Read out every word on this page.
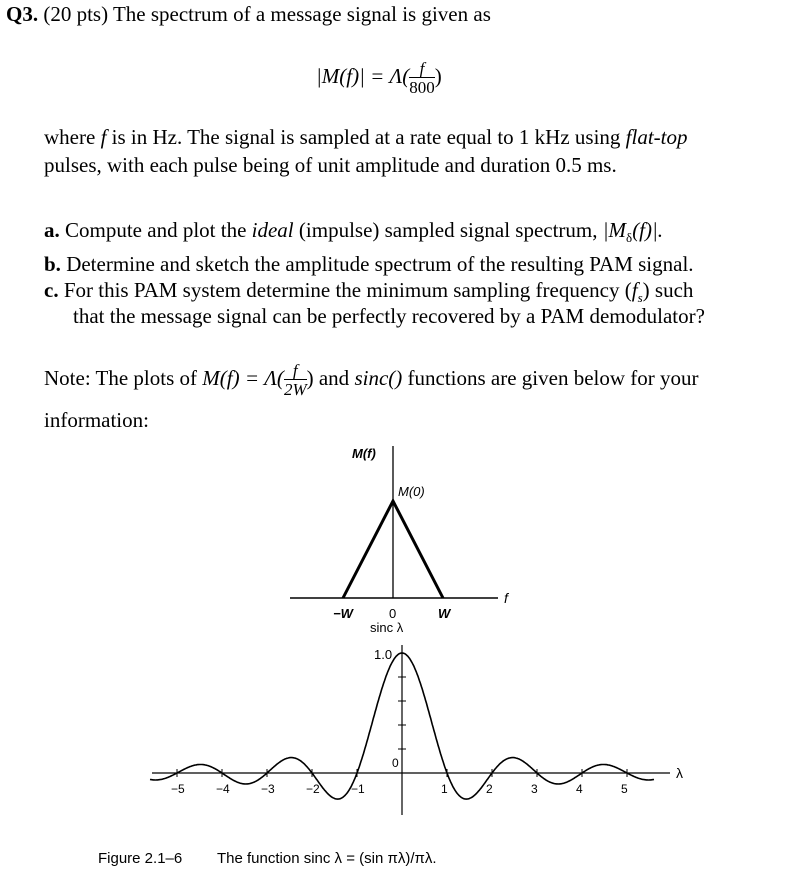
Q3. (20 pts) The spectrum of a message signal is given as
$|M(f)| = \Lambda( \frac{f}{800}$ )
where f is in Hz. The signal is sampled at a rate equal to 1 kHz using flat-top
pulses, with each pulse being of unit amplitude and duration 0.5 ms.
a. Compute and plot the ideal (impulse) sampled signal spectrum, $|M_\delta(f)|$.
b. Determine and sketch the amplitude spectrum of the resulting PAM signal.
c. For this PAM system determine the minimum sampling frequency $(f_s)$ such
that the message signal can be perfectly recovered by a PAM demodulator?
Note: The plots of $M(f) = \Lambda( \frac{f}{2W}$ ) and sinc() functions are given below for your
information:
M(f)
M(0)
f
−W	0	W
sinc λ
1.0
λ
−5	−4	−3	−2	−1
0
1	2	3	4	5
Figure 2.1–6 The function sinc λ = (sin πλ)/πλ.
